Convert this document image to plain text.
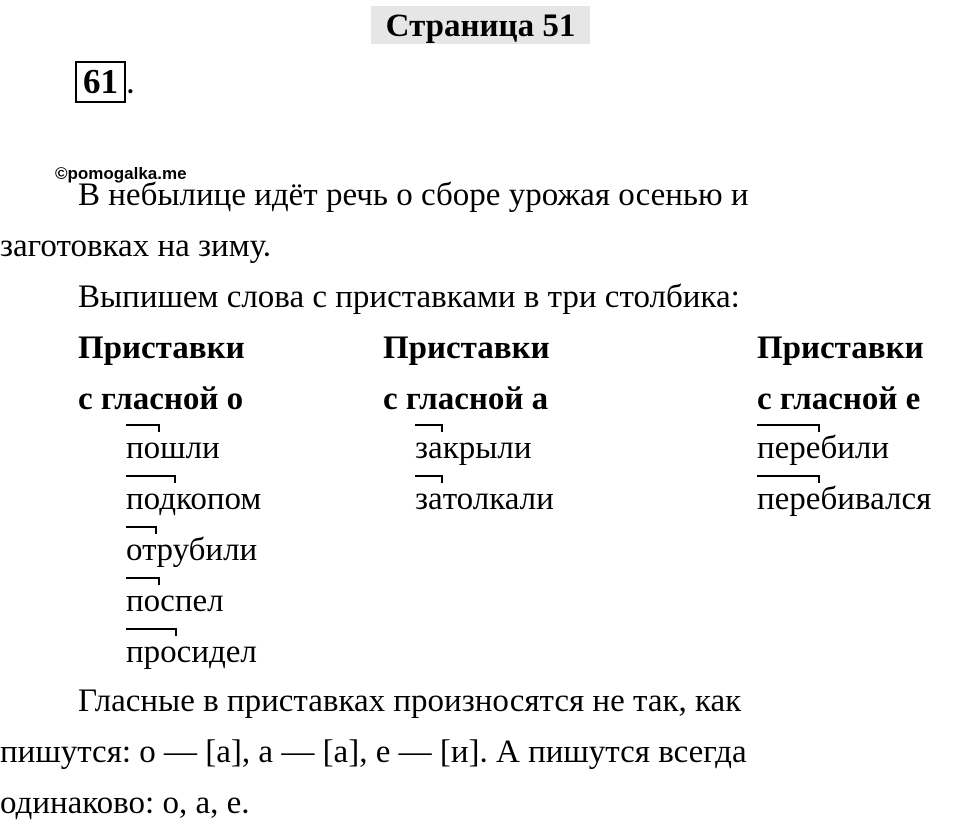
Страница 51
61 .
©pomogalka.me
В небылице идёт речь о сборе урожая осенью и
заготовках на зиму.
Выпишем слова с приставками в три столбика:
Приставки
с гласной о
Приставки
с гласной а
Приставки
с гласной е
пошли
подкопом
отрубили
поспел
просидел
закрыли
затолкали
перебили
перебивался
Гласные в приставках произносятся не так, как
пишутся: о — [а], а — [а], е — [и]. А пишутся всегда
одинаково: о, а, е.
